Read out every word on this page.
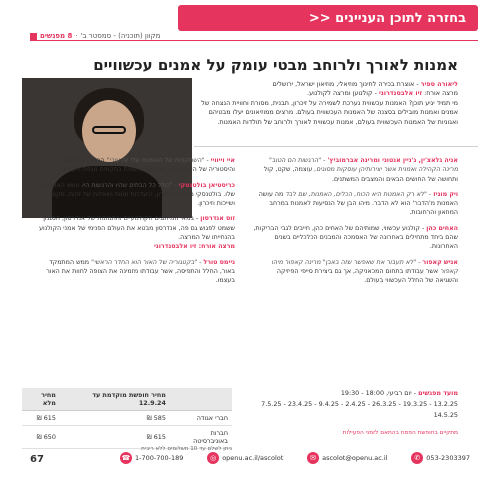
בחזרה לתוכן העניינים <<
מקוון (תוכניה) - סמסטר ב'
·
8 מפגשים
אמנות לאורך ולרוחב מבטי עומק על אמנים עכשוויים
ליאורה ספיר - אוצרת בכירה לחינוך מוזיאלי, מוזיאון ישראל, ירושלים
מרצה אורח: זיו אלבסנדרוני - קולנוען ומרצה לקולנוע.
מי תמיד יגיע תוכן? האמנות עכשווית נערכת לשמירה על זיכרון, תבנית, מסורת וחוויית הנצחה של אמנים ואמנות מובילים בסצנה של האמנות העכשווית בעולם. מרצים ממוזיאונים יעלו מבטיהם ואגוניות של האמנות העכשווית בעולם, אמנות עכשווית לאורך ולרוחב של תולדות האמנות.

אניה גלאצ'ין, ג'ניין אנטוני ומרינה אברמוביץ' - "הרגשות הם הטוב" מרינה הקהילה ואמנית אשר יצירותיהן עוסקות מסוגים, עוצמה, שקט, קול ותחושה של החושים הבאים והמצבים המשתנים.

ויק מוניז - "לא רק האמנות היא הכוח, הכלים, האמנות, שם לבד מה עושה האמנות מ'הדבר' הוא לא הדבר. מיהו הבן של הנסיעות לאמנות במרחב המוזאון והרחובות.

האחים כהן - קולנוע עכשווי, שמותיהם של האחים כהן, חייבים לגבי הבריקות, שהם ביחד מתחילים באחרונה של האסמכה והמבנים הכלכליים בשנים האחרונות.

אניש קאפור - "לא תעבור את שאפשר שזה באבן" מרינה קאפור מיהו קאפור אשר עבודתו בתחום המכאניקה, אך גם ביצירת סייפי הפיזיקה והשגיאה של החלל העכשווי בעולם.

איי וייוויי - "השתקפות של האמנות שלי זה עירי" הגירה, פליטות והיסטוריה של העם הסיני, ואמנות עכשווית בתקופת מגפת הקורונה.

כריסטיאן בולטנסקי - "כולל כל הבתים שהיו והרגשות היו נושא האמנות שלו. בולטנסקי מתרכז בזיכרון, היעדרות ומוות ושאלות של זהות, מקום ושייכות וזיכרון.

זוס אנדרסון - במאי המיתוגים הקולנועיים והתמונות של אנדרסון, הסגנון ששמט לפגוש גם פה, אנדרסון מבטא את העולם הפנימי של אמני הקולנוע בהנחייתו של המרצה.
מרצה אורח: זיו אלבסנדרוני

גיימס טורל - "בקטגוריה של האור הוא החדר הראשי" ממש המתמקד באור, החלל והתפיסה, אשר עבודתו מזמינה את הצופה לחוות את האור בעצמו.

מועד מפגשים - יום רביעי, 18:00 - 19:30
13.2.25 - 19.3.25 - 26.3.25 - 2.4.25 - 9.4.25 - 23.4.25 - 7.5.25
14.5.25
מתקיים בחופשת הפסח בהתאם לזמני הפעילות
	מחיר חופשת מוקדמת עד 12.9.24	מחיר מלא
חברי אגודה	585 ₪	615 ₪
חברות באוניברסיטה	615 ₪	650 ₪
ניתן לשלם עד 10 תשלומים ללא ריבית
67	☎ 1-700-700-189	◎ openu.ac.il/ascolot	✉ ascolot@openu.ac.il	✆ 053-2303397
